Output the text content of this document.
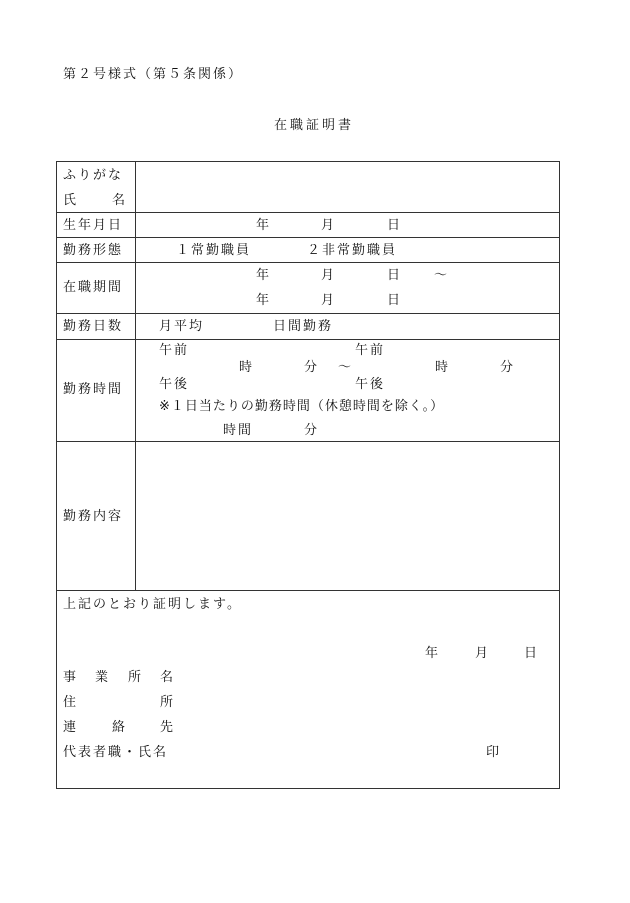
第２号様式（第５条関係）
在職証明書
ふりがな
氏	名
生年月日	年	月	日
勤務形態	１常勤職員	２非常勤職員
在職期間
年	月	日 ～
年	月	日
勤務日数	月平均	日間勤務
勤務時間
午前	午前
時	分 ～	時	分
午後	午後
※１日当たりの勤務時間（休憩時間を除く。）
時間	分
勤務内容
上記のとおり証明します。
年	月	日
事 業 所 名
住	所
連	絡	先
代表者職・氏名	印
